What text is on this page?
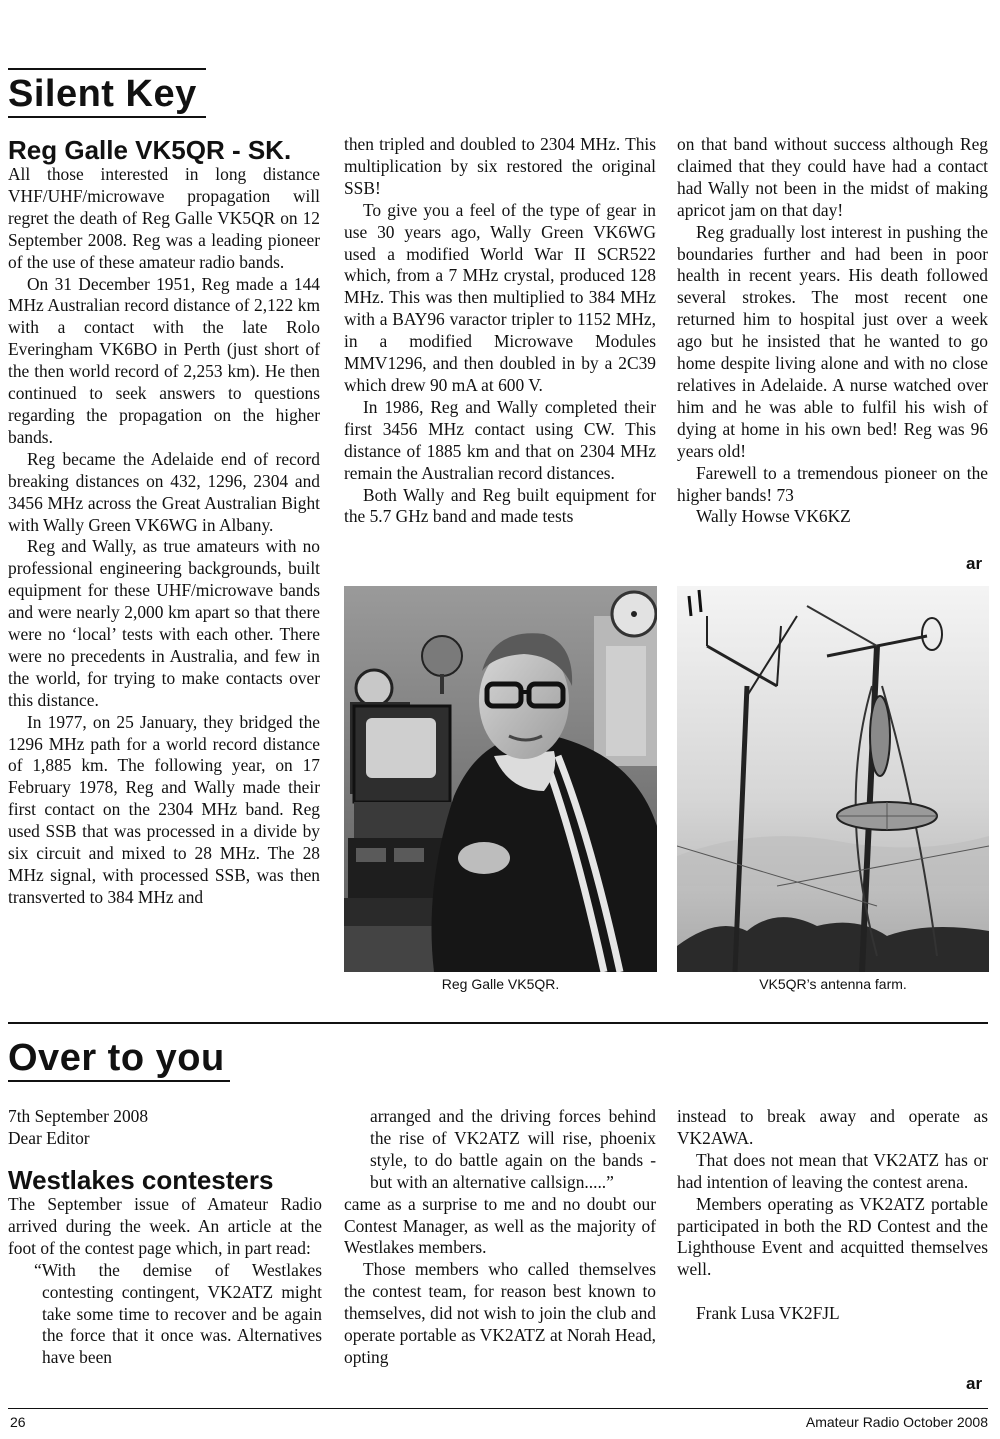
Silent Key
Reg Galle VK5QR - SK.

All those interested in long distance VHF/UHF/microwave propagation will regret the death of Reg Galle VK5QR on 12 September 2008. Reg was a leading pioneer of the use of these amateur radio bands.

On 31 December 1951, Reg made a 144 MHz Australian record distance of 2,122 km with a contact with the late Rolo Everingham VK6BO in Perth (just short of the then world record of 2,253 km). He then continued to seek answers to questions regarding the propagation on the higher bands.

Reg became the Adelaide end of record breaking distances on 432, 1296, 2304 and 3456 MHz across the Great Australian Bight with Wally Green VK6WG in Albany.

Reg and Wally, as true amateurs with no professional engineering backgrounds, built equipment for these UHF/microwave bands and were nearly 2,000 km apart so that there were no ‘local’ tests with each other. There were no precedents in Australia, and few in the world, for trying to make contacts over this distance.

In 1977, on 25 January, they bridged the 1296 MHz path for a world record distance of 1,885 km. The following year, on 17 February 1978, Reg and Wally made their first contact on the 2304 MHz band. Reg used SSB that was processed in a divide by six circuit and mixed to 28 MHz. The 28 MHz signal, with processed SSB, was then transverted to 384 MHz and

then tripled and doubled to 2304 MHz. This multiplication by six restored the original SSB!

To give you a feel of the type of gear in use 30 years ago, Wally Green VK6WG used a modified World War II SCR522 which, from a 7 MHz crystal, produced 128 MHz. This was then multiplied to 384 MHz with a BAY96 varactor tripler to 1152 MHz, in a modified Microwave Modules MMV1296, and then doubled in by a 2C39 which drew 90 mA at 600 V.

In 1986, Reg and Wally completed their first 3456 MHz contact using CW. This distance of 1885 km and that on 2304 MHz remain the Australian record distances.

Both Wally and Reg built equipment for the 5.7 GHz band and made tests

on that band without success although Reg claimed that they could have had a contact had Wally not been in the midst of making apricot jam on that day!

Reg gradually lost interest in pushing the boundaries further and had been in poor health in recent years. His death followed several strokes. The most recent one returned him to hospital just over a week ago but he insisted that he wanted to go home despite living alone and with no close relatives in Adelaide. A nurse watched over him and he was able to fulfil his wish of dying at home in his own bed! Reg was 96 years old!

Farewell to a tremendous pioneer on the higher bands! 73

Wally Howse VK6KZ

ar
Reg Galle VK5QR.	VK5QR’s antenna farm.
Over to you

7th September 2008

Dear Editor

Westlakes contesters

The September issue of Amateur Radio arrived during the week. An article at the foot of the contest page which, in part read:

“With the demise of Westlakes contesting contingent, VK2ATZ might take some time to recover and be again the force that it once was. Alternatives have been

arranged and the driving forces behind the rise of VK2ATZ will rise, phoenix style, to do battle again on the bands - but with an alternative callsign.....”

came as a surprise to me and no doubt our Contest Manager, as well as the majority of Westlakes members.

Those members who called themselves the contest team, for reason best known to themselves, did not wish to join the club and operate portable as VK2ATZ at Norah Head, opting

instead to break away and operate as VK2AWA.

That does not mean that VK2ATZ has or had intention of leaving the contest arena.

Members operating as VK2ATZ portable participated in both the RD Contest and the Lighthouse Event and acquitted themselves well.

Frank Lusa VK2FJL

ar
26	Amateur Radio October 2008
